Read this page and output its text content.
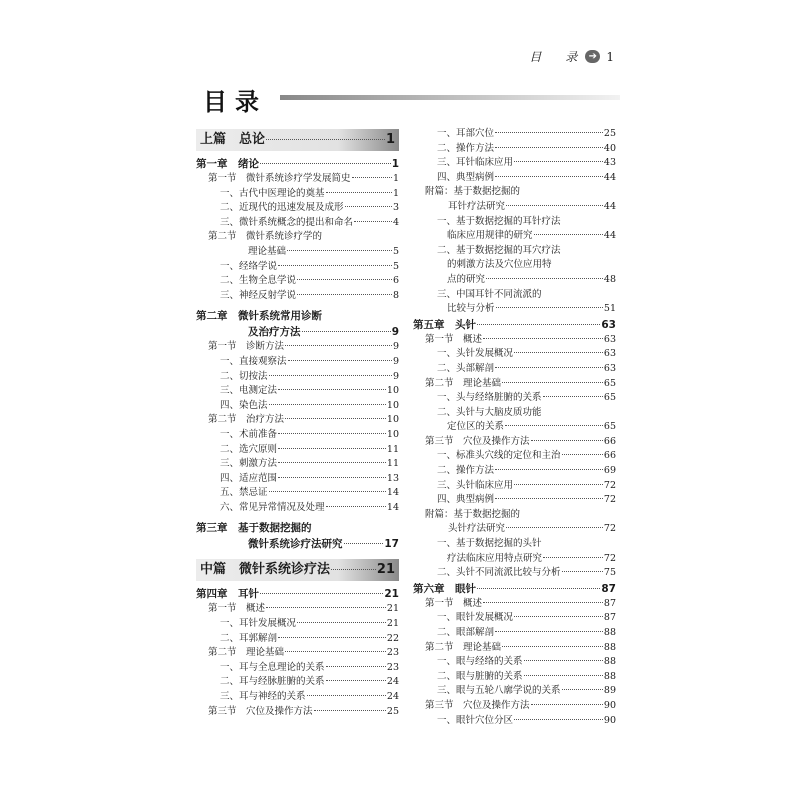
目　录 ➔ 1
目录
上篇　总论	1
第一章　绪论	1
第一节　微针系统诊疗学发展简史	1
一、古代中医理论的奠基	1
二、近现代的迅速发展及成形	3
三、微针系统概念的提出和命名	4
第二节　微针系统诊疗学的
理论基础	5
一、经络学说	5
二、生物全息学说	6
三、神经反射学说	8
第二章　微针系统常用诊断
及治疗方法	9
第一节　诊断方法	9
一、直接观察法	9
二、切按法	9
三、电测定法	10
四、染色法	10
第二节　治疗方法	10
一、术前准备	10
二、选穴原则	11
三、刺激方法	11
四、适应范围	13
五、禁忌证	14
六、常见异常情况及处理	14
第三章　基于数据挖掘的
微针系统诊疗法研究	17
中篇　微针系统诊疗法	21
第四章　耳针	21
第一节　概述	21
一、耳针发展概况	21
二、耳郭解剖	22
第二节　理论基础	23
一、耳与全息理论的关系	23
二、耳与经脉脏腑的关系	24
三、耳与神经的关系	24
第三节　穴位及操作方法	25
一、耳部穴位	25
二、操作方法	40
三、耳针临床应用	43
四、典型病例	44
附篇：基于数据挖掘的
耳针疗法研究	44
一、基于数据挖掘的耳针疗法
临床应用规律的研究	44
二、基于数据挖掘的耳穴疗法
的刺激方法及穴位应用特
点的研究	48
三、中国耳针不同流派的
比较与分析	51
第五章　头针	63
第一节　概述	63
一、头针发展概况	63
二、头部解剖	63
第二节　理论基础	65
一、头与经络脏腑的关系	65
二、头针与大脑皮质功能
定位区的关系	65
第三节　穴位及操作方法	66
一、标准头穴线的定位和主治	66
二、操作方法	69
三、头针临床应用	72
四、典型病例	72
附篇：基于数据挖掘的
头针疗法研究	72
一、基于数据挖掘的头针
疗法临床应用特点研究	72
二、头针不同流派比较与分析	75
第六章　眼针	87
第一节　概述	87
一、眼针发展概况	87
二、眼部解剖	88
第二节　理论基础	88
一、眼与经络的关系	88
二、眼与脏腑的关系	88
三、眼与五轮八廓学说的关系	89
第三节　穴位及操作方法	90
一、眼针穴位分区	90
